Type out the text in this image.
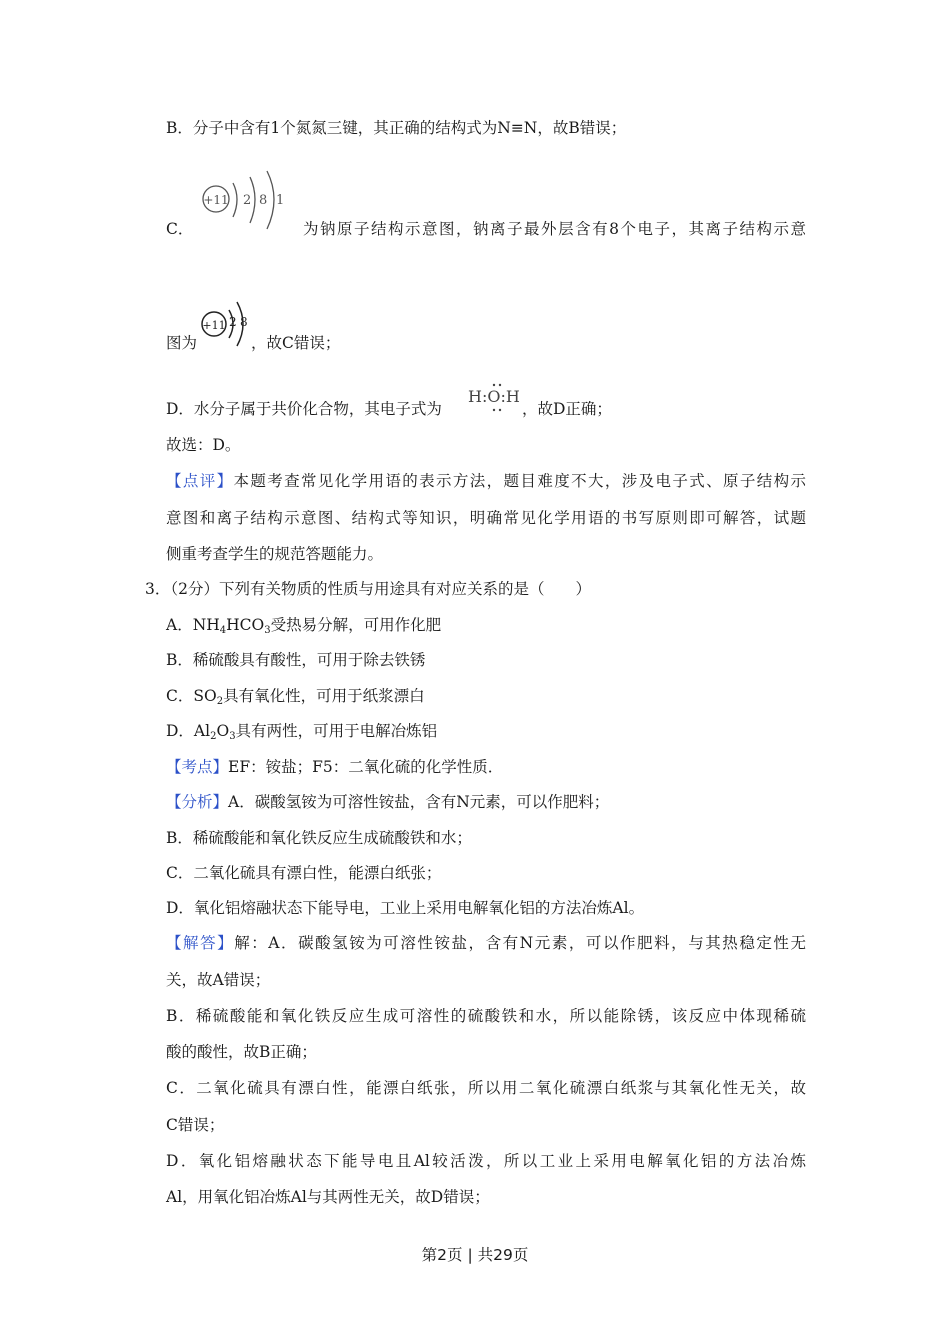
B．分子中含有1个氮氮三键，其正确的结构式为N≡N，故B错误；
C．
+11 2 8 1
为钠原子结构示意图，钠离子最外层含有8个电子，其离子结构示意
图为	，故C错误；
+11 2 8
D．水分子属于共价化合物，其电子式为	，故D正确；
H:O:H
故选：D。
【点评】本题考查常见化学用语的表示方法，题目难度不大，涉及电子式、原子结构示
意图和离子结构示意图、结构式等知识，明确常见化学用语的书写原则即可解答，试题
侧重考查学生的规范答题能力。
3．（2分）下列有关物质的性质与用途具有对应关系的是（　　）
A．$NH_4HCO_3$受热易分解，可用作化肥
B．稀硫酸具有酸性，可用于除去铁锈
C．$SO_2$具有氧化性，可用于纸浆漂白
D．$Al_2O_3$具有两性，可用于电解冶炼铝
【考点】EF：铵盐；F5：二氧化硫的化学性质．
【分析】A．碳酸氢铵为可溶性铵盐，含有N元素，可以作肥料；
B．稀硫酸能和氧化铁反应生成硫酸铁和水；
C．二氧化硫具有漂白性，能漂白纸张；
D．氧化铝熔融状态下能导电，工业上采用电解氧化铝的方法冶炼Al。
【解答】解：A．碳酸氢铵为可溶性铵盐，含有N元素，可以作肥料，与其热稳定性无
关，故A错误；
B．稀硫酸能和氧化铁反应生成可溶性的硫酸铁和水，所以能除锈，该反应中体现稀硫
酸的酸性，故B正确；
C．二氧化硫具有漂白性，能漂白纸张，所以用二氧化硫漂白纸浆与其氧化性无关，故
C错误；
D．氧化铝熔融状态下能导电且Al较活泼，所以工业上采用电解氧化铝的方法冶炼
Al，用氧化铝冶炼Al与其两性无关，故D错误；
第2页 | 共29页
